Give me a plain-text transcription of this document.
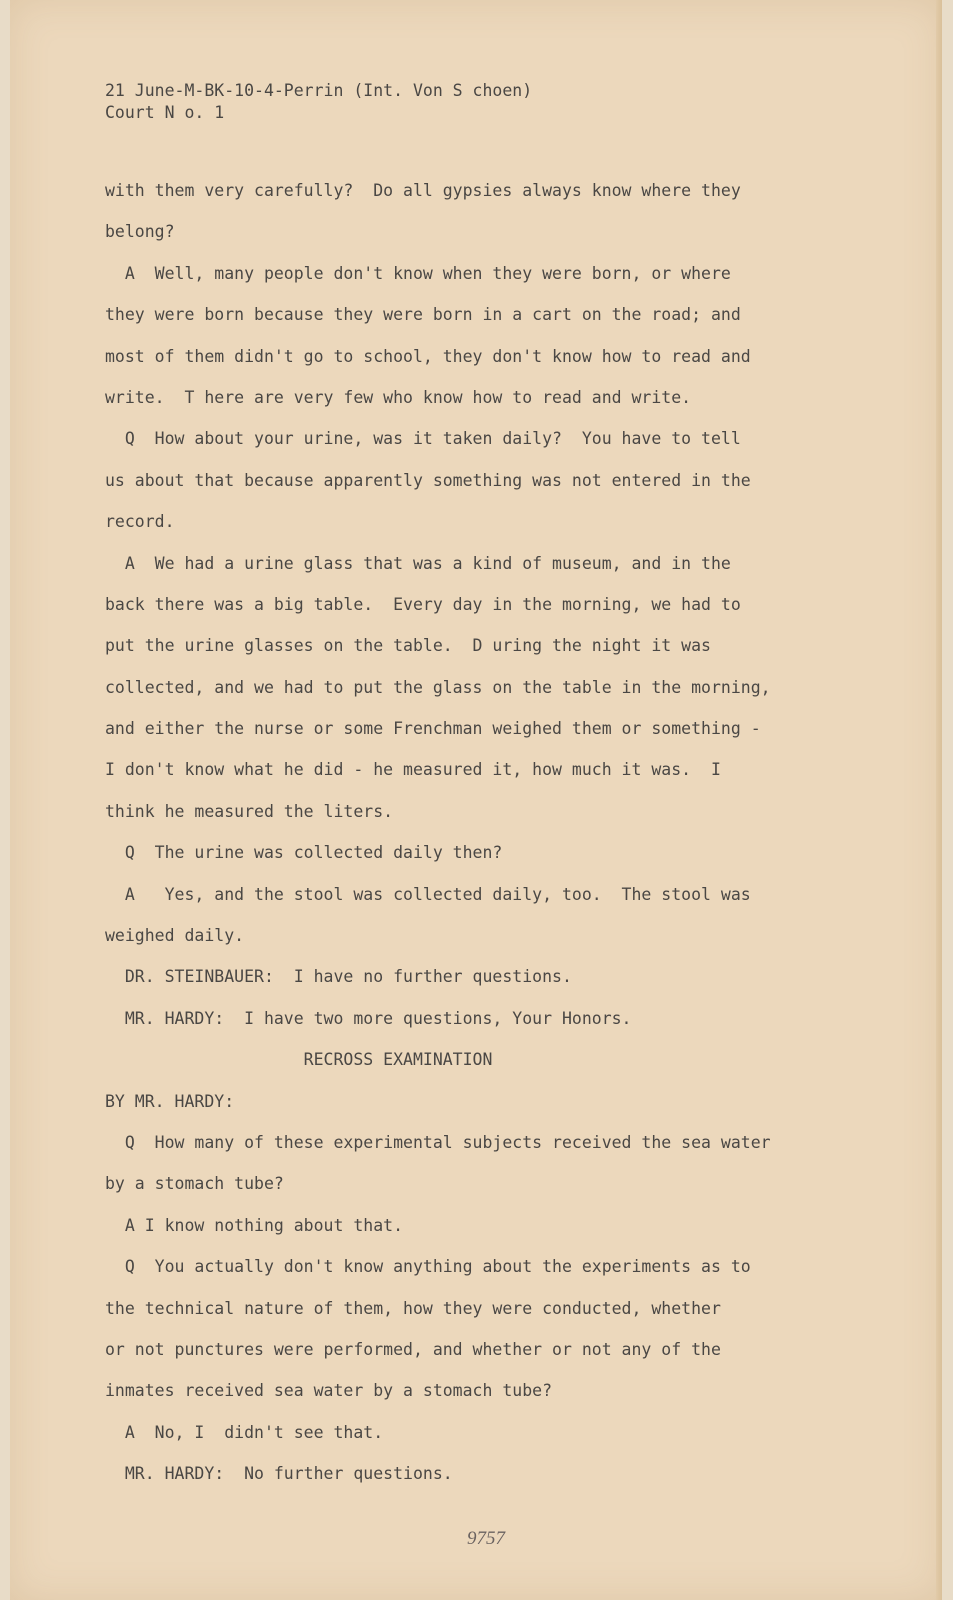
21 June-M-BK-10-4-Perrin (Int. Von S choen)
Court N o. 1
with them very carefully?  Do all gypsies always know where they
belong?
A  Well, many people don't know when they were born, or where
they were born because they were born in a cart on the road; and
most of them didn't go to school, they don't know how to read and
write.  T here are very few who know how to read and write.
Q  How about your urine, was it taken daily?  You have to tell
us about that because apparently something was not entered in the
record.
A  We had a urine glass that was a kind of museum, and in the
back there was a big table.  Every day in the morning, we had to
put the urine glasses on the table.  D uring the night it was
collected, and we had to put the glass on the table in the morning,
and either the nurse or some Frenchman weighed them or something -
I don't know what he did - he measured it, how much it was.  I
think he measured the liters.
Q  The urine was collected daily then?
A   Yes, and the stool was collected daily, too.  The stool was
weighed daily.
DR. STEINBAUER:  I have no further questions.
MR. HARDY:  I have two more questions, Your Honors.
RECROSS EXAMINATION
BY MR. HARDY:
Q  How many of these experimental subjects received the sea water
by a stomach tube?
A I know nothing about that.
Q  You actually don't know anything about the experiments as to
the technical nature of them, how they were conducted, whether
or not punctures were performed, and whether or not any of the
inmates received sea water by a stomach tube?
A  No, I  didn't see that.
MR. HARDY:  No further questions.
9757
